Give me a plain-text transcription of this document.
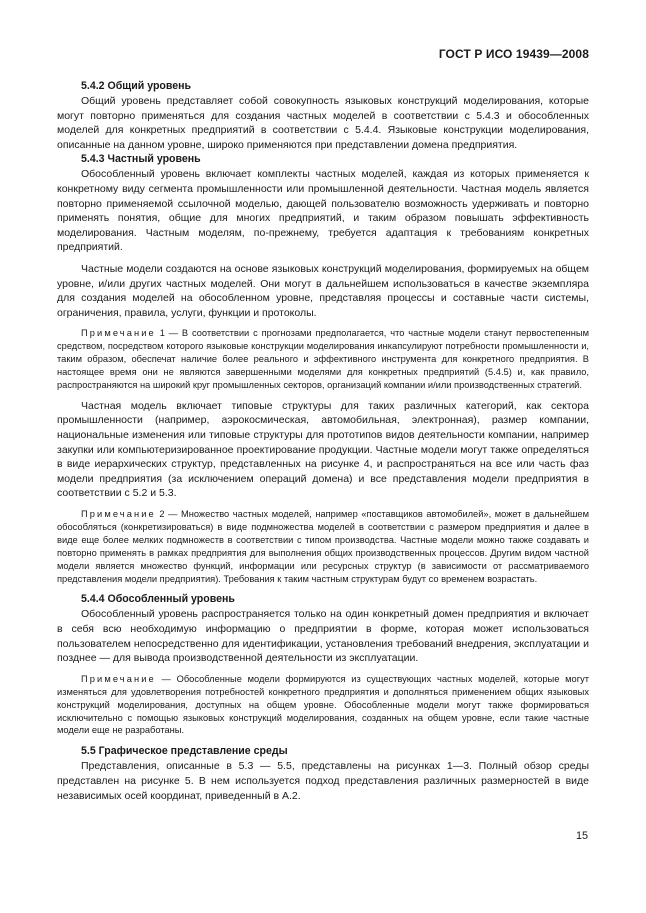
ГОСТ Р ИСО 19439—2008
5.4.2 Общий уровень

Общий уровень представляет собой совокупность языковых конструкций моделирования, которые могут повторно применяться для создания частных моделей в соответствии с 5.4.3 и обособленных моделей для конкретных предприятий в соответствии с 5.4.4. Языковые конструкции моделирования, описанные на данном уровне, широко применяются при представлении домена предприятия.

5.4.3 Частный уровень

Обособленный уровень включает комплекты частных моделей, каждая из которых применяется к конкретному виду сегмента промышленности или промышленной деятельности. Частная модель является повторно применяемой ссылочной моделью, дающей пользователю возможность удерживать и повторно применять понятия, общие для многих предприятий, и таким образом повышать эффективность моделирования. Частным моделям, по-прежнему, требуется адаптация к требованиям конкретных предприятий.

Частные модели создаются на основе языковых конструкций моделирования, формируемых на общем уровне, и/или других частных моделей. Они могут в дальнейшем использоваться в качестве экземпляра для создания моделей на обособленном уровне, представляя процессы и составные части системы, ограничения, правила, услуги, функции и протоколы.

Примечание 1 — В соответствии с прогнозами предполагается, что частные модели станут первостепенным средством, посредством которого языковые конструкции моделирования инкапсулируют потребности промышленности и, таким образом, обеспечат наличие более реального и эффективного инструмента для конкретного предприятия. В настоящее время они не являются завершенными моделями для конкретных предприятий (5.4.5) и, как правило, распространяются на широкий круг промышленных секторов, организаций компании и/или производственных стратегий.

Частная модель включает типовые структуры для таких различных категорий, как сектора промышленности (например, аэрокосмическая, автомобильная, электронная), размер компании, национальные изменения или типовые структуры для прототипов видов деятельности компании, например закупки или компьютеризированное проектирование продукции. Частные модели могут также определяться в виде иерархических структур, представленных на рисунке 4, и распространяться на все или часть фаз модели предприятия (за исключением операций домена) и все представления модели предприятия в соответствии с 5.2 и 5.3.

Примечание 2 — Множество частных моделей, например «поставщиков автомобилей», может в дальнейшем обособляться (конкретизироваться) в виде подмножества моделей в соответствии с размером предприятия и далее в виде еще более мелких подмножеств в соответствии с типом производства. Частные модели можно также создавать и повторно применять в рамках предприятия для выполнения общих производственных процессов. Другим видом частной модели является множество функций, информации или ресурсных структур (в зависимости от рассматриваемого представления модели предприятия). Требования к таким частным структурам будут со временем возрастать.

5.4.4 Обособленный уровень

Обособленный уровень распространяется только на один конкретный домен предприятия и включает в себя всю необходимую информацию о предприятии в форме, которая может использоваться пользователем непосредственно для идентификации, установления требований внедрения, эксплуатации и позднее — для вывода производственной деятельности из эксплуатации.

Примечание — Обособленные модели формируются из существующих частных моделей, которые могут изменяться для удовлетворения потребностей конкретного предприятия и дополняться применением общих языковых конструкций моделирования, доступных на общем уровне. Обособленные модели могут также формироваться исключительно с помощью языковых конструкций моделирования, созданных на общем уровне, если такие частные модели еще не разработаны.

5.5 Графическое представление среды

Представления, описанные в 5.3 — 5.5, представлены на рисунках 1—3. Полный обзор среды представлен на рисунке 5. В нем используется подход представления различных размерностей в виде независимых осей координат, приведенный в А.2.

15
